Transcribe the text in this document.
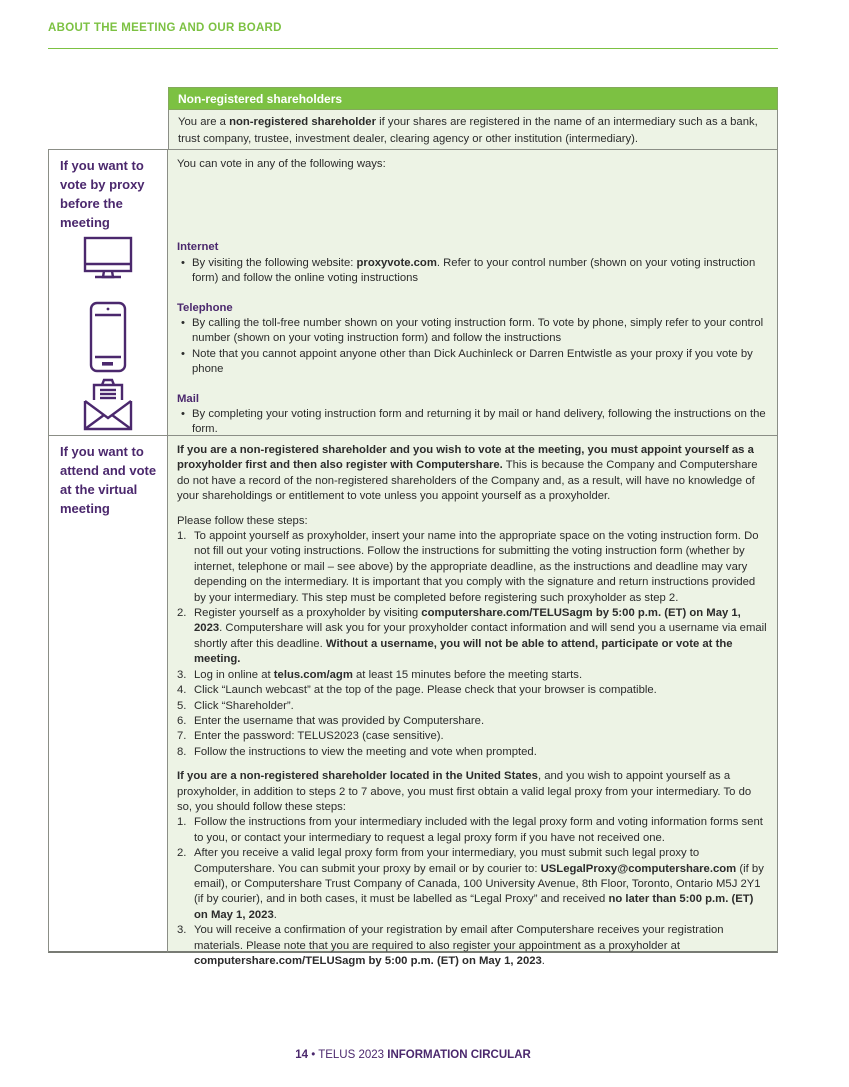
ABOUT THE MEETING AND OUR BOARD
Non-registered shareholders
You are a non-registered shareholder if your shares are registered in the name of an intermediary such as a bank, trust company, trustee, investment dealer, clearing agency or other institution (intermediary).
If you want to vote by proxy before the meeting

You can vote in any of the following ways:

Internet
• By visiting the following website: proxyvote.com. Refer to your control number (shown on your voting instruction form) and follow the online voting instructions
Telephone
• By calling the toll-free number shown on your voting instruction form. To vote by phone, simply refer to your control number (shown on your voting instruction form) and follow the instructions
• Note that you cannot appoint anyone other than Dick Auchinleck or Darren Entwistle as your proxy if you vote by phone
Mail
• By completing your voting instruction form and returning it by mail or hand delivery, following the instructions on the form.
If you want to attend and vote at the virtual meeting

If you are a non-registered shareholder and you wish to vote at the meeting, you must appoint yourself as a proxyholder first and then also register with Computershare. This is because the Company and Computershare do not have a record of the non-registered shareholders of the Company and, as a result, will have no knowledge of your shareholdings or entitlement to vote unless you appoint yourself as a proxyholder.

Please follow these steps:

To appoint yourself as proxyholder, insert your name into the appropriate space on the voting instruction form. Do not fill out your voting instructions. Follow the instructions for submitting the voting instruction form (whether by internet, telephone or mail – see above) by the appropriate deadline, as the instructions and deadline may vary depending on the intermediary. It is important that you comply with the signature and return instructions provided by your intermediary. This step must be completed before registering such proxyholder as step 2.
Register yourself as a proxyholder by visiting computershare.com/TELUSagm by 5:00 p.m. (ET) on May 1, 2023. Computershare will ask you for your proxyholder contact information and will send you a username via email shortly after this deadline. Without a username, you will not be able to attend, participate or vote at the meeting.
Log in online at telus.com/agm at least 15 minutes before the meeting starts.
Click “Launch webcast” at the top of the page. Please check that your browser is compatible.
Click “Shareholder”.
Enter the username that was provided by Computershare.
Enter the password: TELUS2023 (case sensitive).
Follow the instructions to view the meeting and vote when prompted.

If you are a non-registered shareholder located in the United States, and you wish to appoint yourself as a proxyholder, in addition to steps 2 to 7 above, you must first obtain a valid legal proxy from your intermediary. To do so, you should follow these steps:

Follow the instructions from your intermediary included with the legal proxy form and voting information forms sent to you, or contact your intermediary to request a legal proxy form if you have not received one.
After you receive a valid legal proxy form from your intermediary, you must submit such legal proxy to Computershare. You can submit your proxy by email or by courier to: USLegalProxy@computershare.com (if by email), or Computershare Trust Company of Canada, 100 University Avenue, 8th Floor, Toronto, Ontario M5J 2Y1 (if by courier), and in both cases, it must be labelled as “Legal Proxy” and received no later than 5:00 p.m. (ET) on May 1, 2023.
You will receive a confirmation of your registration by email after Computershare receives your registration materials. Please note that you are required to also register your appointment as a proxyholder at computershare.com/TELUSagm by 5:00 p.m. (ET) on May 1, 2023.
14 • TELUS 2023 INFORMATION CIRCULAR
